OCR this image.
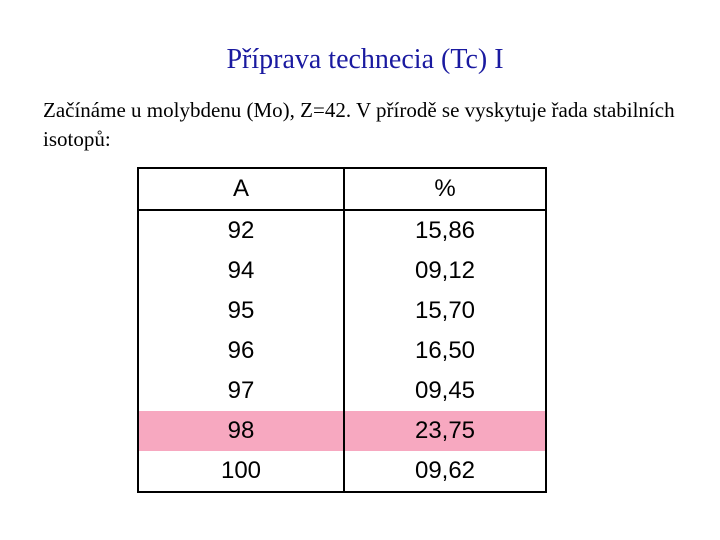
Příprava technecia (Tc) I
Začínáme u molybdenu (Mo), Z=42. V přírodě se vyskytuje řada stabilních isotopů:
A	%
92	15,86
94	09,12
95	15,70
96	16,50
97	09,45
98	23,75
100	09,62
